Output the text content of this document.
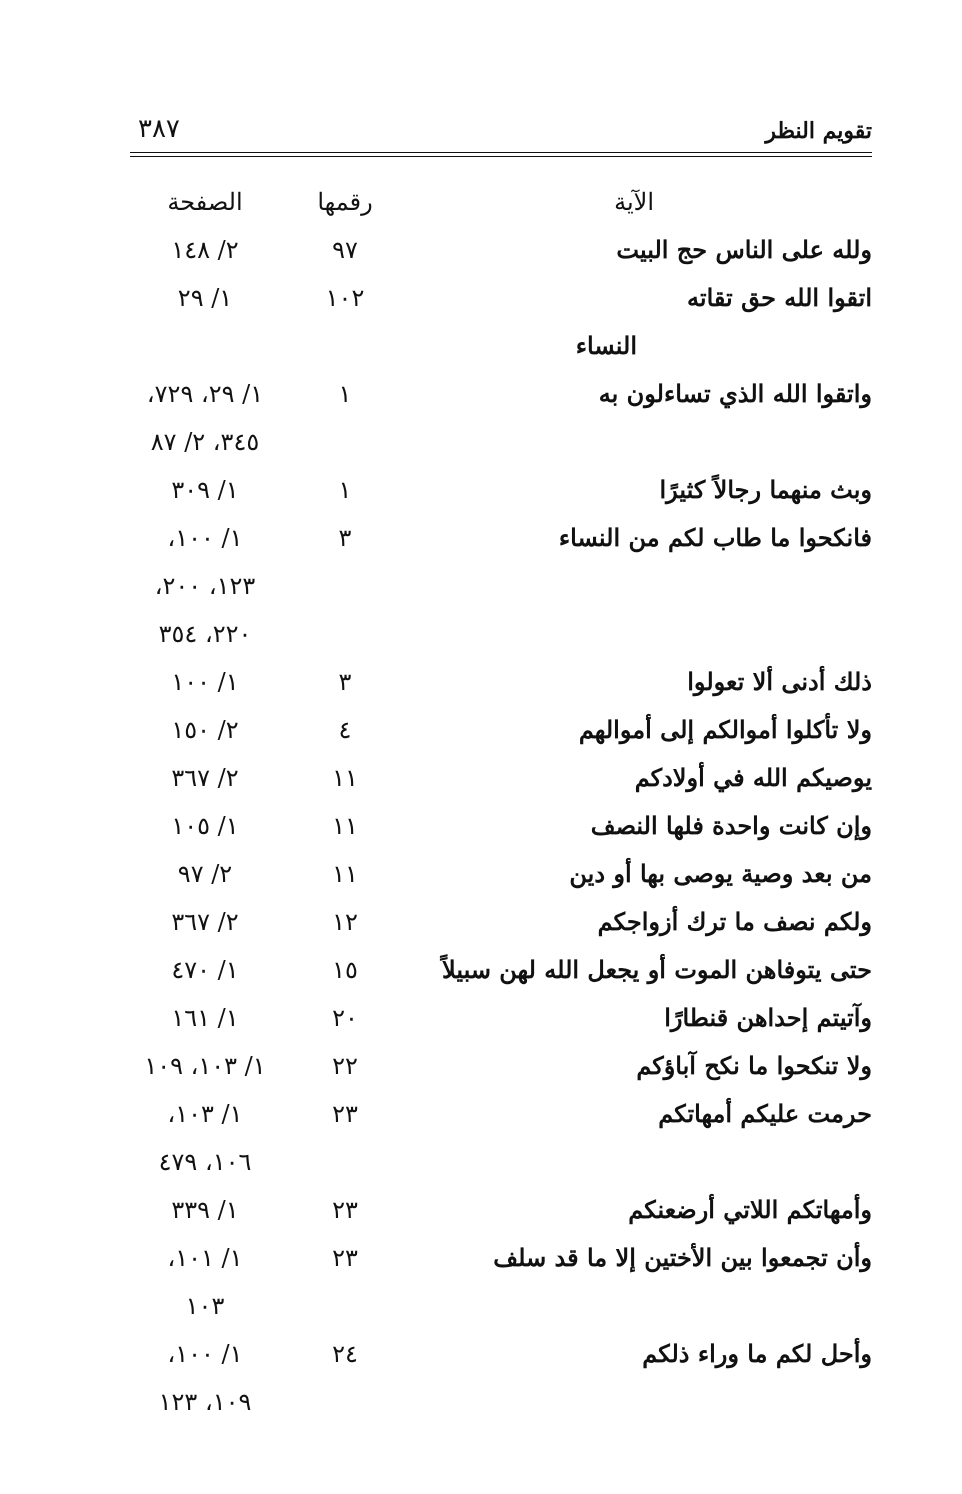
٣٨٧	تقويم النظر
الآية
رقمها
الصفحة
ولله على الناس حج البيت
٩٧
٢/ ١٤٨
اتقوا الله حق تقاته
١٠٢
١/ ٢٩
النساء
واتقوا الله الذي تساءلون به
١
١/ ٢٩، ٧٢٩،
٣٤٥، ٢/ ٨٧
وبث منهما رجالاً كثيرًا
١
١/ ٣٠٩
فانكحوا ما طاب لكم من النساء
٣
١/ ١٠٠،
١٢٣، ٢٠٠،
٢٢٠، ٣٥٤
ذلك أدنى ألا تعولوا
٣
١/ ١٠٠
ولا تأكلوا أموالكم إلى أموالهم
٤
٢/ ١٥٠
يوصيكم الله في أولادكم
١١
٢/ ٣٦٧
وإن كانت واحدة فلها النصف
١١
١/ ١٠٥
من بعد وصية يوصى بها أو دين
١١
٢/ ٩٧
ولكم نصف ما ترك أزواجكم
١٢
٢/ ٣٦٧
حتى يتوفاهن الموت أو يجعل الله لهن سبيلاً
١٥
١/ ٤٧٠
وآتيتم إحداهن قنطارًا
٢٠
١/ ١٦١
ولا تنكحوا ما نكح آباؤكم
٢٢
١/ ١٠٣، ١٠٩
حرمت عليكم أمهاتكم
٢٣
١/ ١٠٣،
١٠٦، ٤٧٩
وأمهاتكم اللاتي أرضعنكم
٢٣
١/ ٣٣٩
وأن تجمعوا بين الأختين إلا ما قد سلف
٢٣
١/ ١٠١،
١٠٣
وأحل لكم ما وراء ذلكم
٢٤
١/ ١٠٠،
١٠٩، ١٢٣
